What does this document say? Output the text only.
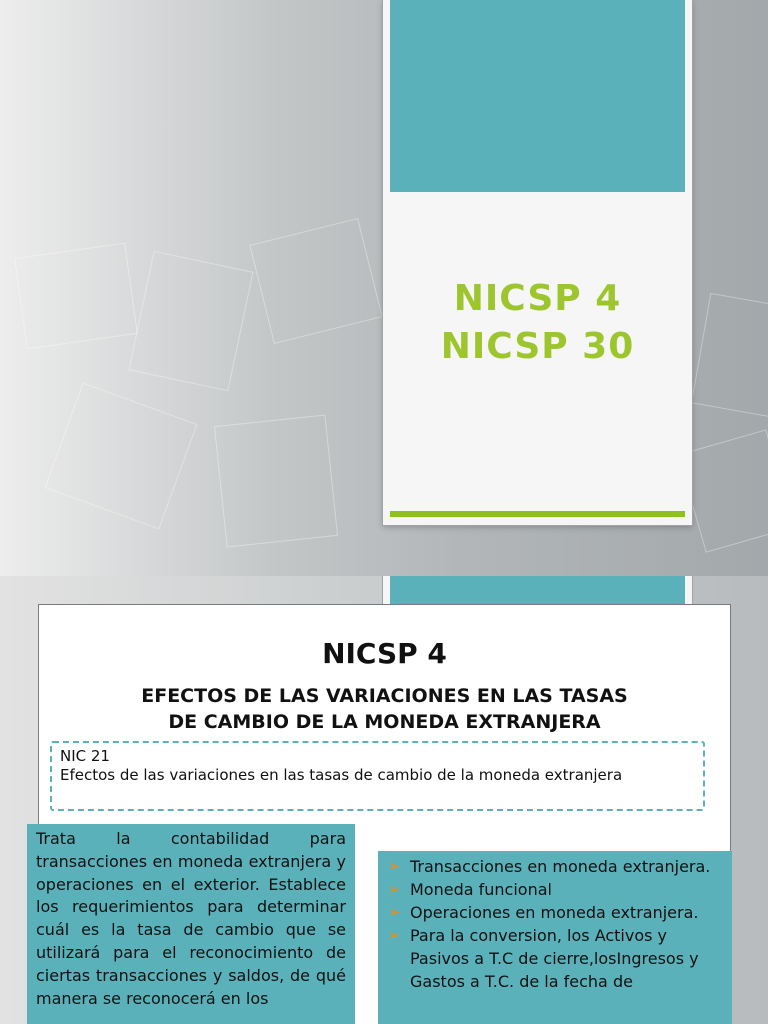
NICSP 4
NICSP 30
NICSP 4
EFECTOS DE LAS VARIACIONES EN LAS TASAS
DE CAMBIO DE LA MONEDA EXTRANJERA
NIC 21
Efectos de las variaciones en las tasas de cambio de la moneda extranjera
Trata la contabilidad para transacciones en moneda extranjera y operaciones en el exterior. Establece los requerimientos para determinar cuál es la tasa de cambio que se utilizará para el reconocimiento de ciertas transacciones y saldos, de qué manera se reconocerá en los
➢ Transacciones en moneda extranjera.
➢ Moneda funcional
➢ Operaciones en moneda extranjera.
➢ Para la conversion, los Activos y Pasivos a T.C de cierre,losIngresos y Gastos a T.C. de la fecha de
